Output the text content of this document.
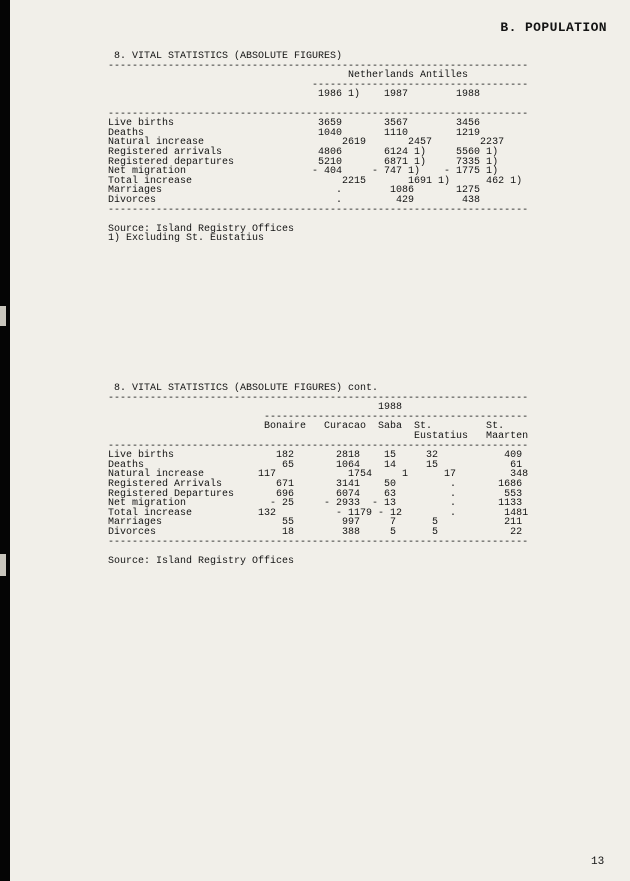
B. POPULATION
8. VITAL STATISTICS (ABSOLUTE FIGURES)
----------------------------------------------------------------------
Netherlands Antilles
------------------------------------
1986 1)    1987        1988
----------------------------------------------------------------------
Live births                        3659       3567        3456
Deaths                             1040       1110        1219
Natural increase                       2619       2457        2237
Registered arrivals                4806       6124 1)     5560 1)
Registered departures              5210       6871 1)     7335 1)
Net migration                     - 404     - 747 1)    - 1775 1)
Total increase                         2215       1691 1)      462 1)
Marriages                             .        1086       1275
Divorces                              .         429        438
----------------------------------------------------------------------
Source: Island Registry Offices
1) Excluding St. Eustatius
8. VITAL STATISTICS (ABSOLUTE FIGURES) cont.
----------------------------------------------------------------------
1988
--------------------------------------------
Bonaire   Curacao  Saba  St.         St.
Eustatius   Maarten
----------------------------------------------------------------------
Live births                 182       2818    15     32           409
Deaths                       65       1064    14     15            61
Natural increase         117            1754     1      17         348
Registered Arrivals         671       3141    50         .       1686
Registered Departures       696       6074    63         .        553
Net migration              - 25     - 2933  - 13         .       1133
Total increase           132          - 1179 - 12        .        1481
Marriages                    55        997     7      5           211
Divorces                     18        388     5      5            22
----------------------------------------------------------------------
Source: Island Registry Offices
13
